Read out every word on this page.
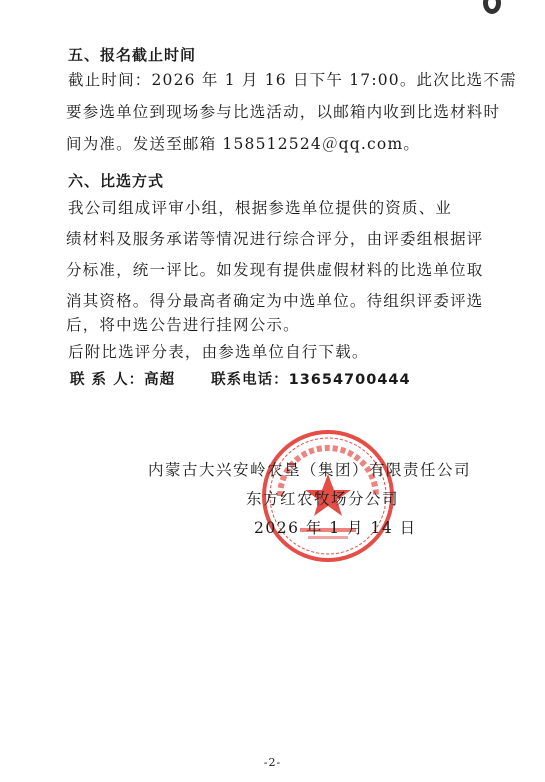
五、报名截止时间
截止时间：2026 年 1 月 16 日下午 17:00。此次比选不需
要参选单位到现场参与比选活动，以邮箱内收到比选材料时
间为准。发送至邮箱 158512524＠qq.com。
六、比选方式
我公司组成评审小组，根据参选单位提供的资质、业
绩材料及服务承诺等情况进行综合评分，由评委组根据评
分标准，统一评比。如发现有提供虚假材料的比选单位取
消其资格。得分最高者确定为中选单位。待组织评委评选
后，将中选公告进行挂网公示。
后附比选评分表，由参选单位自行下载。
联 系 人：高超 联系电话：13654700444
内蒙古大兴安岭农垦（集团）有限责任公司
东方红农牧场分公司
2026 年 1 月 14 日
-2-
